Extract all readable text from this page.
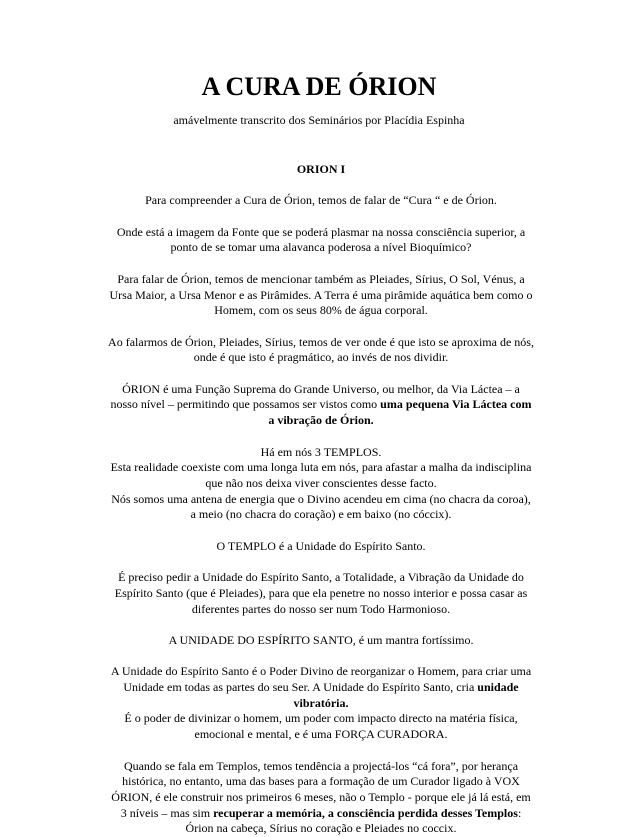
A CURA DE ÓRION
amávelmente transcrito dos Seminários por Placídia Espinha

ORION I

Para compreender a Cura de Órion, temos de falar de “Cura “ e de Órion.

Onde está a imagem da Fonte que se poderá plasmar na nossa consciência superior, a ponto de se tomar uma alavanca poderosa a nível Bioquímico?

Para falar de Órion, temos de mencionar também as Pleiades, Sírius, O Sol, Vénus, a Ursa Maior, a Ursa Menor e as Pirâmides. A Terra é uma pirâmide aquática bem como o Homem, com os seus 80% de água corporal.

Ao falarmos de Órion, Pleiades, Sírius, temos de ver onde é que isto se aproxima de nós, onde é que isto é pragmático, ao invés de nos dividir.

ÓRION é uma Função Suprema do Grande Universo, ou melhor, da Via Láctea – a nosso nível – permitindo que possamos ser vistos como uma pequena Via Láctea com a vibração de Órion.

Há em nós 3 TEMPLOS.

Esta realidade coexiste com uma longa luta em nós, para afastar a malha da indisciplina que não nos deixa viver conscientes desse facto.

Nós somos uma antena de energia que o Divino acendeu em cima (no chacra da coroa), a meio (no chacra do coração) e em baixo (no cóccix).

O TEMPLO é a Unidade do Espírito Santo.

É preciso pedir a Unidade do Espírito Santo, a Totalidade, a Vibração da Unidade do Espírito Santo (que é Pleiades), para que ela penetre no nosso interior e possa casar as diferentes partes do nosso ser num Todo Harmonioso.

A UNIDADE DO ESPÍRITO SANTO, é um mantra fortíssimo.

A Unidade do Espírito Santo é o Poder Divino de reorganizar o Homem, para criar uma Unidade em todas as partes do seu Ser. A Unidade do Espírito Santo, cria unidade vibratória.

É o poder de divinizar o homem, um poder com impacto directo na matéria física, emocional e mental, e é uma FORÇA CURADORA.

Quando se fala em Templos, temos tendência a projectá-los “cá fora”, por herança histórica, no entanto, uma das bases para a formação de um Curador ligado à VOX ÓRION, é ele construir nos primeiros 6 meses, não o Templo - porque ele já lá está, em 3 níveis – mas sim recuperar a memória, a consciência perdida desses Templos:

Órion na cabeça, Sírius no coração e Pleiades no coccix.
